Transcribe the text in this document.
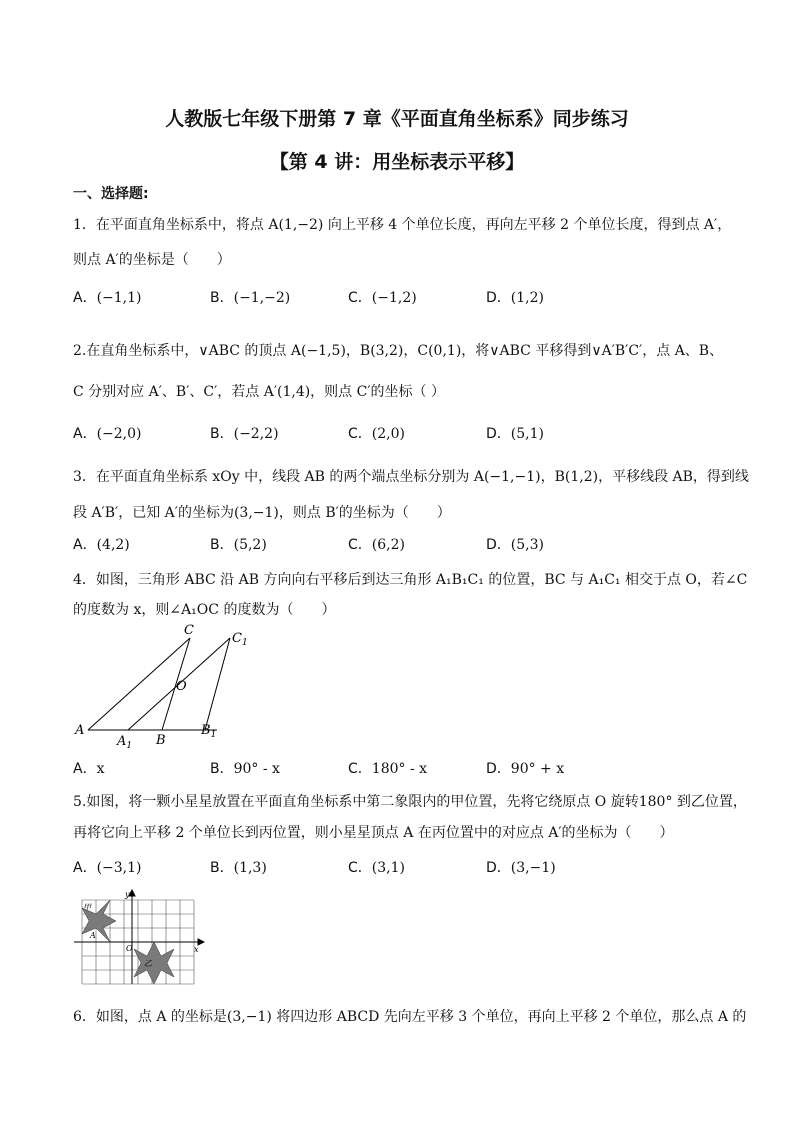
人教版七年级下册第 7 章《平面直角坐标系》同步练习
【第 4 讲：用坐标表示平移】
一、选择题:
1．在平面直角坐标系中，将点 A(1,−2) 向上平移 4 个单位长度，再向左平移 2 个单位长度，得到点 A′，
则点 A′的坐标是（　　）
A．(−1,1)	B．(−1,−2)	C．(−1,2)	D．(1,2)
2.在直角坐标系中，∨ABC 的顶点 A(−1,5)，B(3,2)，C(0,1)，将∨ABC 平移得到∨A′B′C′，点 A、B、
C 分别对应 A′、B′、C′，若点 A′(1,4)，则点 C′的坐标（ ）
A．(−2,0)	B．(−2,2)	C．(2,0)	D．(5,1)
3．在平面直角坐标系 xOy 中，线段 AB 的两个端点坐标分别为 A(−1,−1)，B(1,2)，平移线段 AB，得到线
段 A′B′，已知 A′的坐标为(3,−1)，则点 B′的坐标为（　　）
A．(4,2)	B．(5,2)	C．(6,2)	D．(5,3)
4．如图，三角形 ABC 沿 AB 方向向右平移后到达三角形 A₁B₁C₁ 的位置，BC 与 A₁C₁ 相交于点 O，若∠C
的度数为 x，则∠A₁OC 的度数为（　　）
A
$A_1$ B
$B_1$
C
$C_1$
O
A．x	B．90° - x	C．180° - x	D．90° + x
5.如图，将一颗小星星放置在平面直角坐标系中第二象限内的甲位置，先将它绕原点 O 旋转180° 到乙位置，
再将它向上平移 2 个单位长到丙位置，则小星星顶点 A 在丙位置中的对应点 A′的坐标为（　　）
A．(−3,1)	B．(1,3)	C．(3,1)	D．(3,−1)
甲
A
O
乙
x
y
6．如图，点 A 的坐标是(3,−1) 将四边形 ABCD 先向左平移 3 个单位，再向上平移 2 个单位，那么点 A 的
